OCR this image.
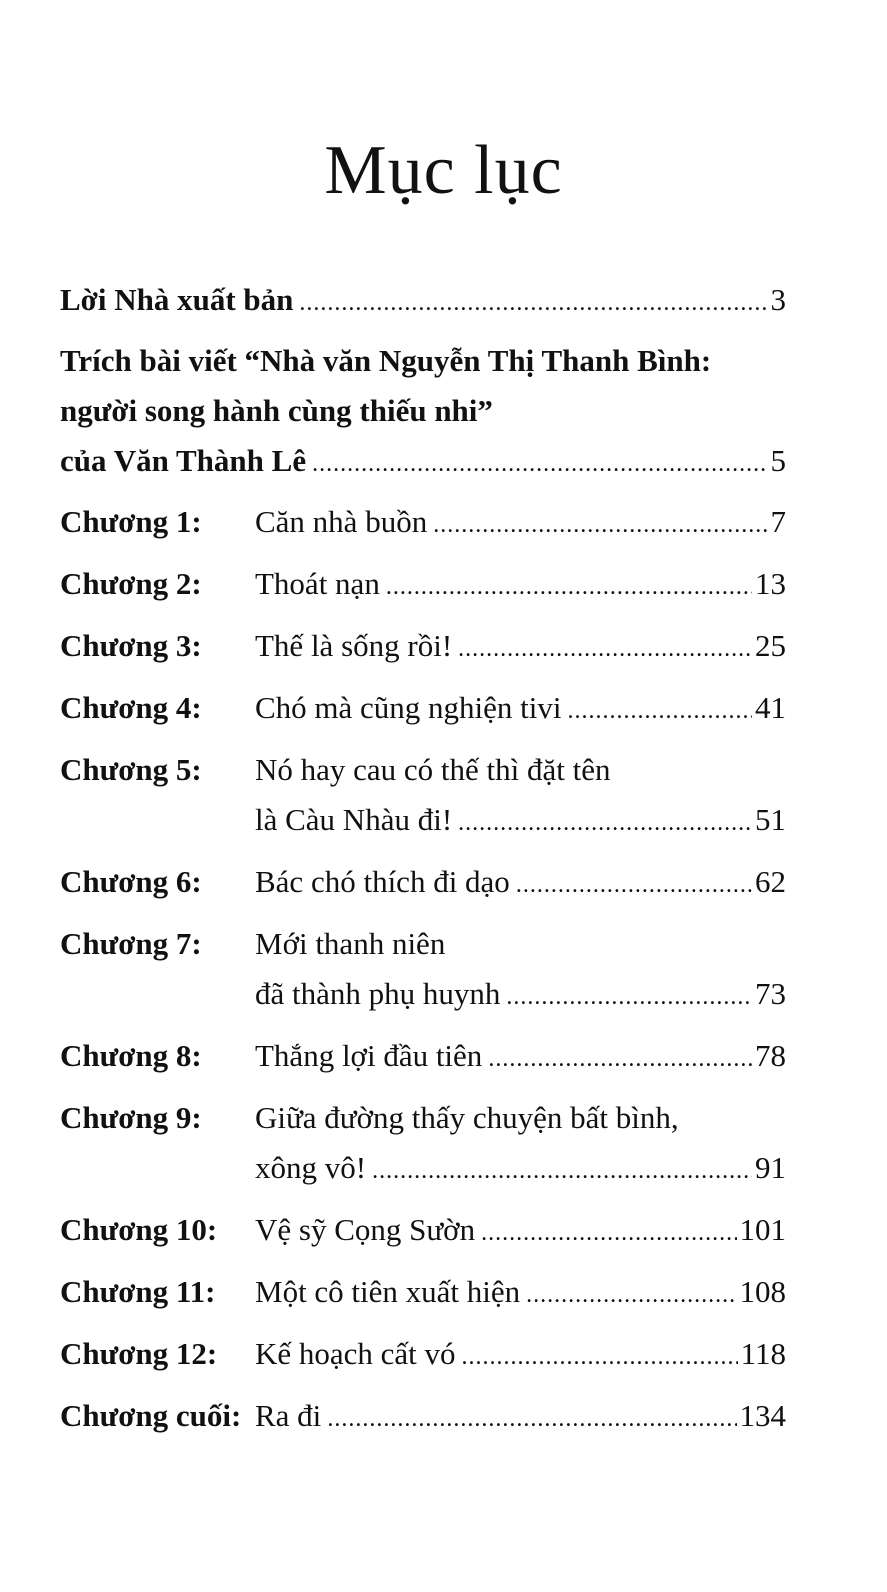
Mục lục
Lời Nhà xuất bản .....	3
Trích bài viết “Nhà văn Nguyễn Thị Thanh Bình:
người song hành cùng thiếu nhi”
của Văn Thành Lê .....	5
Chương 1:	Căn nhà buồn .....	7
Chương 2:	Thoát nạn .....	13
Chương 3:	Thế là sống rồi! .....	25
Chương 4:	Chó mà cũng nghiện tivi .....	41
Chương 5:	Nó hay cau có thế thì đặt tên
là Càu Nhàu đi! .....	51
Chương 6:	Bác chó thích đi dạo .....	62
Chương 7:	Mới thanh niên
đã thành phụ huynh .....	73
Chương 8:	Thắng lợi đầu tiên .....	78
Chương 9:	Giữa đường thấy chuyện bất bình,
xông vô! .....	91
Chương 10:	Vệ sỹ Cọng Sườn .....	101
Chương 11:	Một cô tiên xuất hiện .....	108
Chương 12:	Kế hoạch cất vó .....	118
Chương cuối: Ra đi .....	134
